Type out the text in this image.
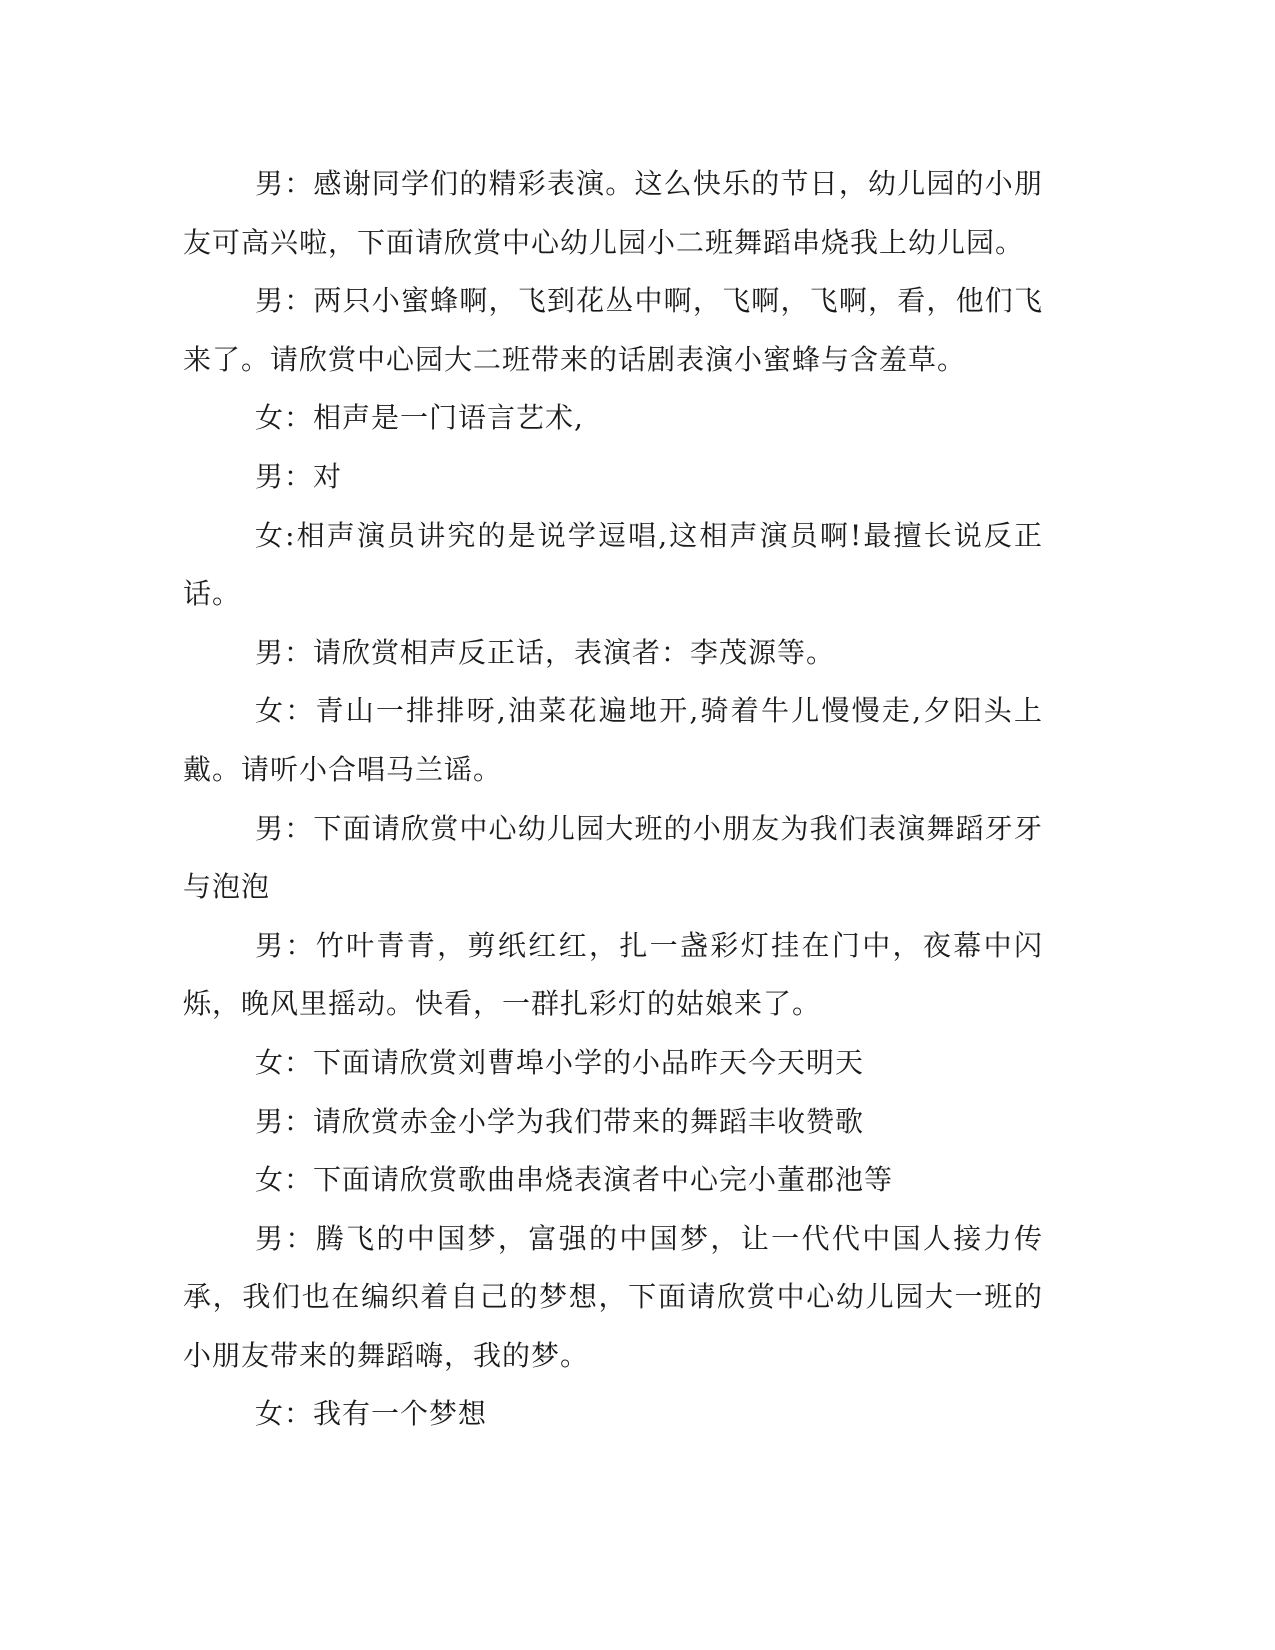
男：感谢同学们的精彩表演。这么快乐的节日，幼儿园的小朋友可高兴啦，下面请欣赏中心幼儿园小二班舞蹈串烧我上幼儿园。

男：两只小蜜蜂啊，飞到花丛中啊，飞啊，飞啊，看，他们飞来了。请欣赏中心园大二班带来的话剧表演小蜜蜂与含羞草。

女：相声是一门语言艺术,

男：对

女:相声演员讲究的是说学逗唱,这相声演员啊!最擅长说反正话。

男：请欣赏相声反正话，表演者：李茂源等。

女：青山一排排呀,油菜花遍地开,骑着牛儿慢慢走,夕阳头上戴。请听小合唱马兰谣。

男：下面请欣赏中心幼儿园大班的小朋友为我们表演舞蹈牙牙与泡泡

男：竹叶青青，剪纸红红，扎一盏彩灯挂在门中，夜幕中闪烁，晚风里摇动。快看，一群扎彩灯的姑娘来了。

女：下面请欣赏刘曹埠小学的小品昨天今天明天

男：请欣赏赤金小学为我们带来的舞蹈丰收赞歌

女：下面请欣赏歌曲串烧表演者中心完小董郡池等

男：腾飞的中国梦，富强的中国梦，让一代代中国人接力传承，我们也在编织着自己的梦想，下面请欣赏中心幼儿园大一班的小朋友带来的舞蹈嗨，我的梦。

女：我有一个梦想
